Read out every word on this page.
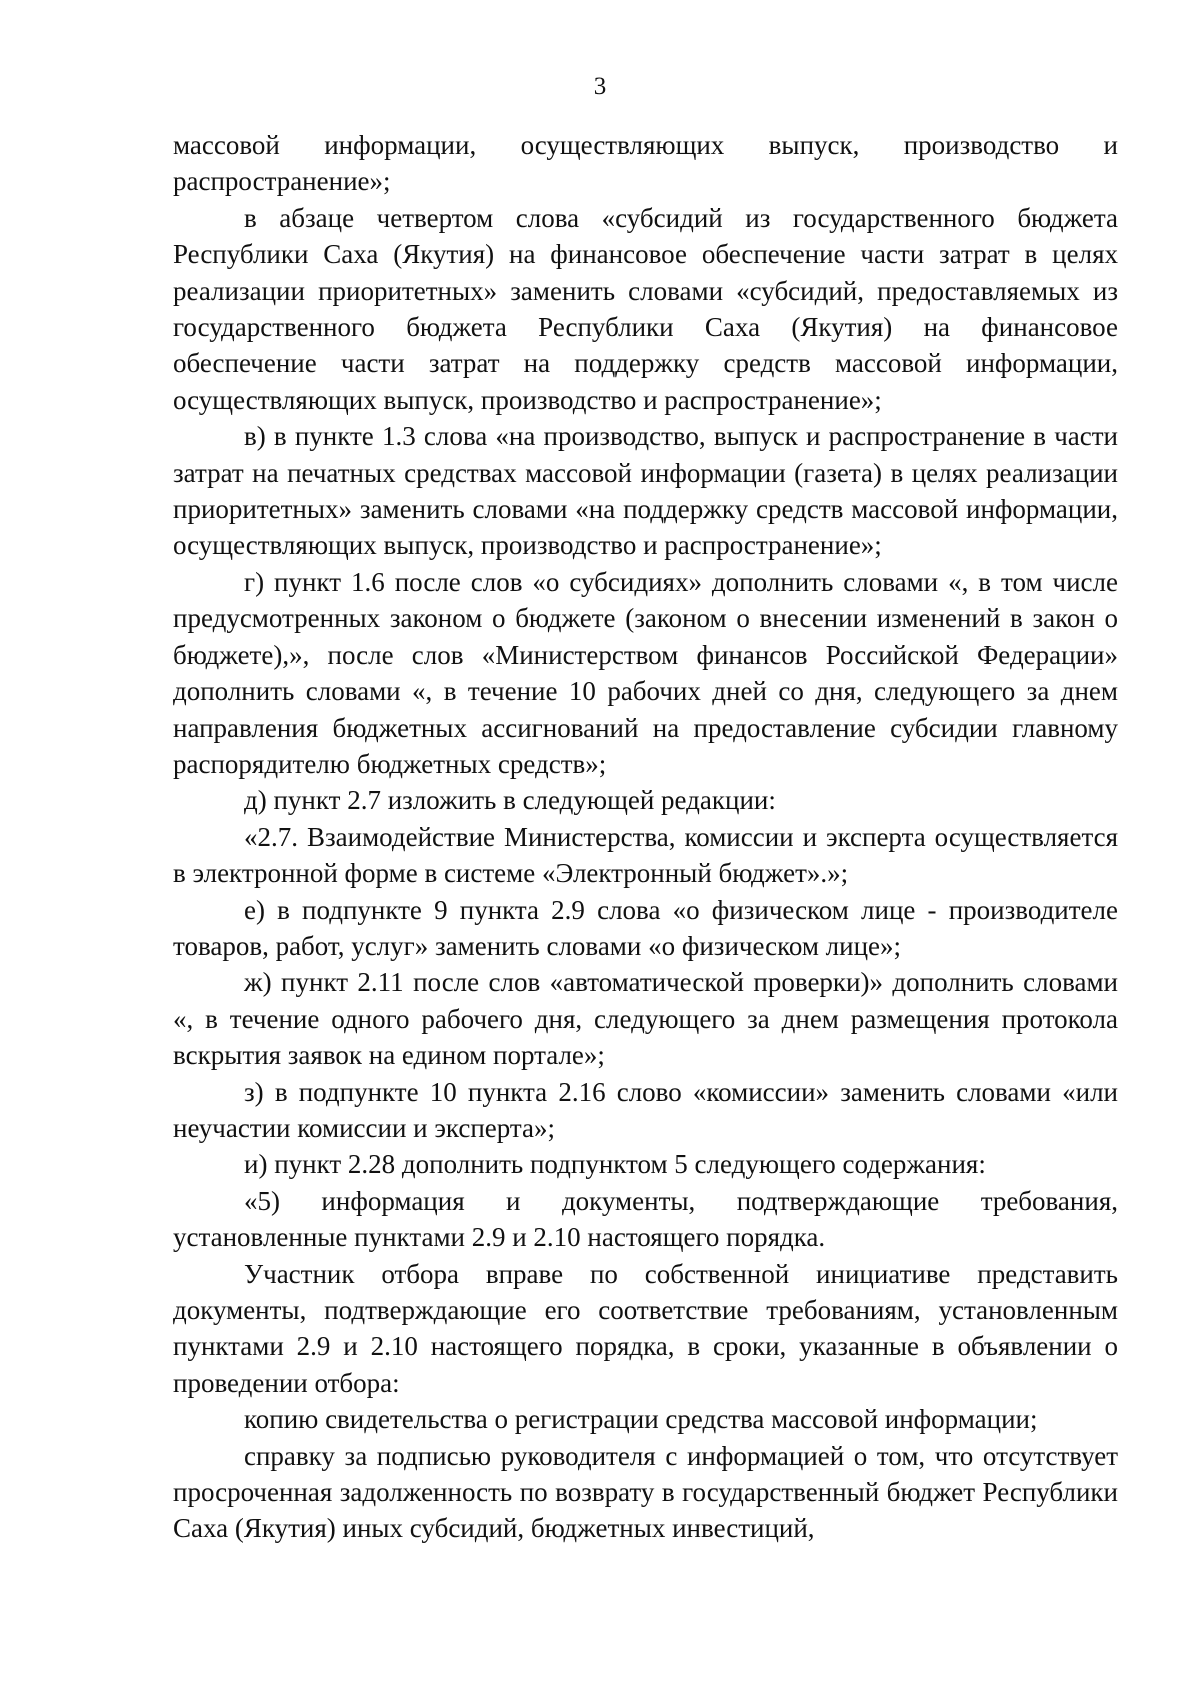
3

массовой информации, осуществляющих выпуск, производство и распространение»;

в абзаце четвертом слова «субсидий из государственного бюджета Республики Саха (Якутия) на финансовое обеспечение части затрат в целях реализации приоритетных» заменить словами «субсидий, предоставляемых из государственного бюджета Республики Саха (Якутия) на финансовое обеспечение части затрат на поддержку средств массовой информации, осуществляющих выпуск, производство и распространение»;

в) в пункте 1.3 слова «на производство, выпуск и распространение в части затрат на печатных средствах массовой информации (газета) в целях реализации приоритетных» заменить словами «на поддержку средств массовой информации, осуществляющих выпуск, производство и распространение»;

г) пункт 1.6 после слов «о субсидиях» дополнить словами «, в том числе предусмотренных законом о бюджете (законом о внесении изменений в закон о бюджете),», после слов «Министерством финансов Российской Федерации» дополнить словами «, в течение 10 рабочих дней со дня, следующего за днем направления бюджетных ассигнований на предоставление субсидии главному распорядителю бюджетных средств»;

д) пункт 2.7 изложить в следующей редакции:

«2.7. Взаимодействие Министерства, комиссии и эксперта осуществляется в электронной форме в системе «Электронный бюджет».»;

е) в подпункте 9 пункта 2.9 слова «о физическом лице - производителе товаров, работ, услуг» заменить словами «о физическом лице»;

ж) пункт 2.11 после слов «автоматической проверки)» дополнить словами «, в течение одного рабочего дня, следующего за днем размещения протокола вскрытия заявок на едином портале»;

з) в подпункте 10 пункта 2.16 слово «комиссии» заменить словами «или неучастии комиссии и эксперта»;

и) пункт 2.28 дополнить подпунктом 5 следующего содержания:

«5) информация и документы, подтверждающие требования, установленные пунктами 2.9 и 2.10 настоящего порядка.

Участник отбора вправе по собственной инициативе представить документы, подтверждающие его соответствие требованиям, установленным пунктами 2.9 и 2.10 настоящего порядка, в сроки, указанные в объявлении о проведении отбора:

копию свидетельства о регистрации средства массовой информации;

справку за подписью руководителя с информацией о том, что отсутствует просроченная задолженность по возврату в государственный бюджет Республики Саха (Якутия) иных субсидий, бюджетных инвестиций,
